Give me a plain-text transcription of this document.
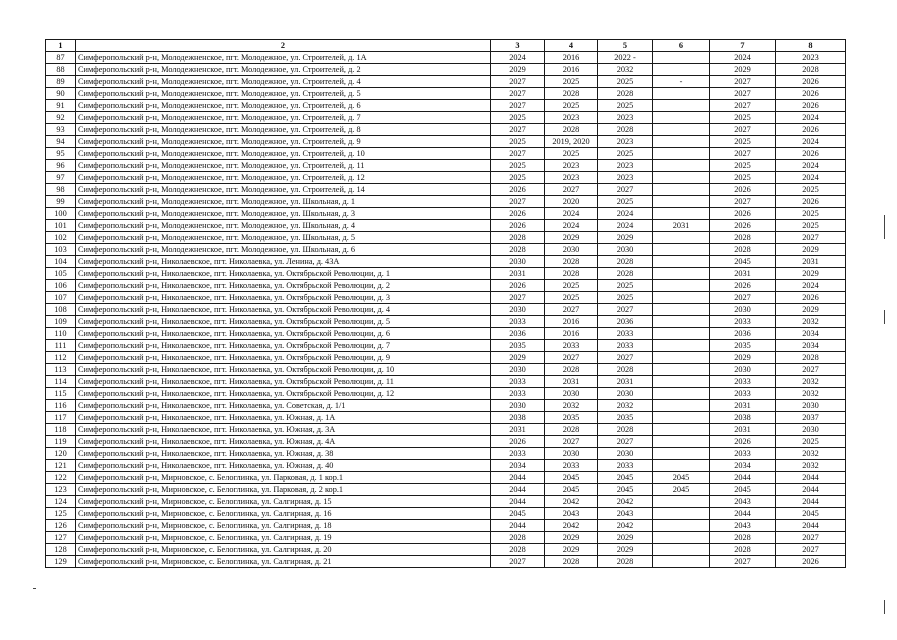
1	2	3	4	5	6	7	8
87	Симферопольский р-н, Молодежненское, пгт. Молодежное, ул. Строителей, д. 1А	2024	2016	2022 -		2024	2023
88	Симферопольский р-н, Молодежненское, пгт. Молодежное, ул. Строителей, д. 2	2029	2016	2032		2029	2028
89	Симферопольский р-н, Молодежненское, пгт. Молодежное, ул. Строителей, д. 4	2027	2025	2025	-	2027	2026
90	Симферопольский р-н, Молодежненское, пгт. Молодежное, ул. Строителей, д. 5	2027	2028	2028		2027	2026
91	Симферопольский р-н, Молодежненское, пгт. Молодежное, ул. Строителей, д. 6	2027	2025	2025		2027	2026
92	Симферопольский р-н, Молодежненское, пгт. Молодежное, ул. Строителей, д. 7	2025	2023	2023		2025	2024
93	Симферопольский р-н, Молодежненское, пгт. Молодежное, ул. Строителей, д. 8	2027	2028	2028		2027	2026
94	Симферопольский р-н, Молодежненское, пгт. Молодежное, ул. Строителей, д. 9	2025	2019, 2020	2023		2025	2024
95	Симферопольский р-н, Молодежненское, пгт. Молодежное, ул. Строителей, д. 10	2027	2025	2025		2027	2026
96	Симферопольский р-н, Молодежненское, пгт. Молодежное, ул. Строителей, д. 11	2025	2023	2023		2025	2024
97	Симферопольский р-н, Молодежненское, пгт. Молодежное, ул. Строителей, д. 12	2025	2023	2023		2025	2024
98	Симферопольский р-н, Молодежненское, пгт. Молодежное, ул. Строителей, д. 14	2026	2027	2027		2026	2025
99	Симферопольский р-н, Молодежненское, пгт. Молодежное, ул. Школьная, д. 1	2027	2020	2025		2027	2026
100	Симферопольский р-н, Молодежненское, пгт. Молодежное, ул. Школьная, д. 3	2026	2024	2024		2026	2025
101	Симферопольский р-н, Молодежненское, пгт. Молодежное, ул. Школьная, д. 4	2026	2024	2024	2031	2026	2025
102	Симферопольский р-н, Молодежненское, пгт. Молодежное, ул. Школьная, д. 5	2028	2029	2029		2028	2027
103	Симферопольский р-н, Молодежненское, пгт. Молодежное, ул. Школьная, д. 6	2028	2030	2030		2028	2029
104	Симферопольский р-н, Николаевское, пгт. Николаевка, ул. Ленина, д. 43А	2030	2028	2028		2045	2031
105	Симферопольский р-н, Николаевское, пгт. Николаевка, ул. Октябрьской Революции, д. 1	2031	2028	2028		2031	2029
106	Симферопольский р-н, Николаевское, пгт. Николаевка, ул. Октябрьской Революции, д. 2	2026	2025	2025		2026	2024
107	Симферопольский р-н, Николаевское, пгт. Николаевка, ул. Октябрьской Революции, д. 3	2027	2025	2025		2027	2026
108	Симферопольский р-н, Николаевское, пгт. Николаевка, ул. Октябрьской Революции, д. 4	2030	2027	2027		2030	2029
109	Симферопольский р-н, Николаевское, пгт. Николаевка, ул. Октябрьской Революции, д. 5	2033	2016	2036		2033	2032
110	Симферопольский р-н, Николаевское, пгт. Николаевка, ул. Октябрьской Революции, д. 6	2036	2016	2033		2036	2034
111	Симферопольский р-н, Николаевское, пгт. Николаевка, ул. Октябрьской Революции, д. 7	2035	2033	2033		2035	2034
112	Симферопольский р-н, Николаевское, пгт. Николаевка, ул. Октябрьской Революции, д. 9	2029	2027	2027		2029	2028
113	Симферопольский р-н, Николаевское, пгт. Николаевка, ул. Октябрьской Революции, д. 10	2030	2028	2028		2030	2027
114	Симферопольский р-н, Николаевское, пгт. Николаевка, ул. Октябрьской Революции, д. 11	2033	2031	2031		2033	2032
115	Симферопольский р-н, Николаевское, пгт. Николаевка, ул. Октябрьской Революции, д. 12	2033	2030	2030		2033	2032
116	Симферопольский р-н, Николаевское, пгт. Николаевка, ул. Советская, д. 1/1	2030	2032	2032		2031	2030
117	Симферопольский р-н, Николаевское, пгт. Николаевка, ул. Южная, д. 1А	2038	2035	2035		2038	2037
118	Симферопольский р-н, Николаевское, пгт. Николаевка, ул. Южная, д. 3А	2031	2028	2028		2031	2030
119	Симферопольский р-н, Николаевское, пгт. Николаевка, ул. Южная, д. 4А	2026	2027	2027		2026	2025
120	Симферопольский р-н, Николаевское, пгт. Николаевка, ул. Южная, д. 38	2033	2030	2030		2033	2032
121	Симферопольский р-н, Николаевское, пгт. Николаевка, ул. Южная, д. 40	2034	2033	2033		2034	2032
122	Симферопольский р-н, Мирновское, с. Белоглинка, ул. Парковая, д. 1 кор.1	2044	2045	2045	2045	2044	2044
123	Симферопольский р-н, Мирновское, с. Белоглинка, ул. Парковая, д. 2 кор.1	2044	2045	2045	2045	2045	2044
124	Симферопольский р-н, Мирновское, с. Белоглинка, ул. Салгирная, д. 15	2044	2042	2042		2043	2044
125	Симферопольский р-н, Мирновское, с. Белоглинка, ул. Салгирная, д. 16	2045	2043	2043		2044	2045
126	Симферопольский р-н, Мирновское, с. Белоглинка, ул. Салгирная, д. 18	2044	2042	2042		2043	2044
127	Симферопольский р-н, Мирновское, с. Белоглинка, ул. Салгирная, д. 19	2028	2029	2029		2028	2027
128	Симферопольский р-н, Мирновское, с. Белоглинка, ул. Салгирная, д. 20	2028	2029	2029		2028	2027
129	Симферопольский р-н, Мирновское, с. Белоглинка, ул. Салгирная, д. 21	2027	2028	2028		2027	2026
